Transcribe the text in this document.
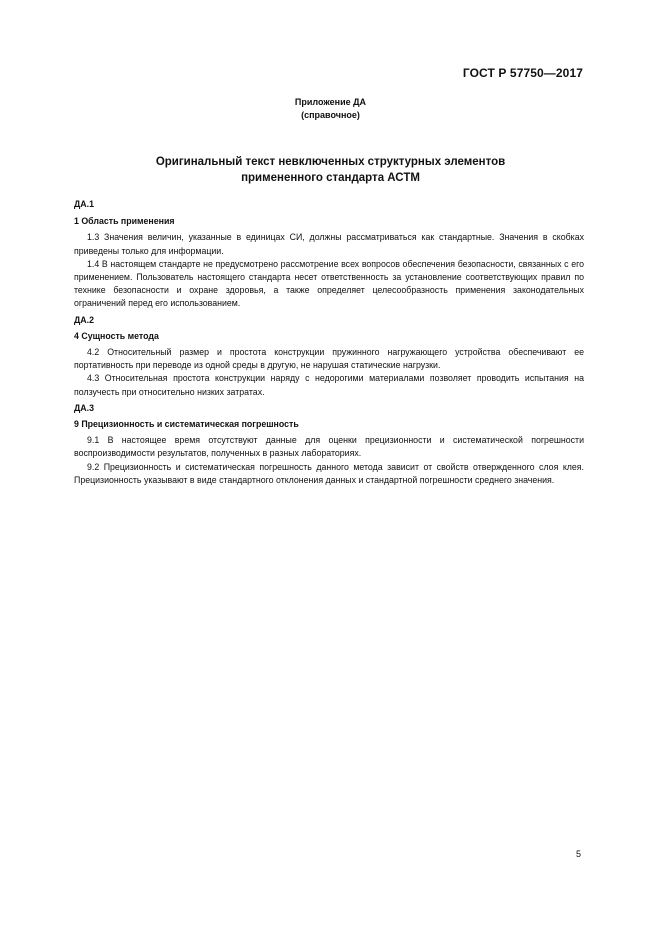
ГОСТ Р 57750—2017
Приложение ДА
(справочное)
Оригинальный текст невключенных структурных элементов
примененного стандарта АСТМ
ДА.1
1 Область применения

1.3 Значения величин, указанные в единицах СИ, должны рассматриваться как стандартные. Значения в скобках приведены только для информации.

1.4 В настоящем стандарте не предусмотрено рассмотрение всех вопросов обеспечения безопасности, связанных с его применением. Пользователь настоящего стандарта несет ответственность за установление соответствующих правил по технике безопасности и охране здоровья, а также определяет целесообразность применения законодательных ограничений перед его использованием.

ДА.2
4 Сущность метода

4.2 Относительный размер и простота конструкции пружинного нагружающего устройства обеспечивают ее портативность при переводе из одной среды в другую, не нарушая статические нагрузки.

4.3 Относительная простота конструкции наряду с недорогими материалами позволяет проводить испытания на ползучесть при относительно низких затратах.

ДА.3
9 Прецизионность и систематическая погрешность

9.1 В настоящее время отсутствуют данные для оценки прецизионности и систематической погрешности воспроизводимости результатов, полученных в разных лабораториях.

9.2 Прецизионность и систематическая погрешность данного метода зависит от свойств отвержденного слоя клея. Прецизионность указывают в виде стандартного отклонения данных и стандартной погрешности среднего значения.

5
